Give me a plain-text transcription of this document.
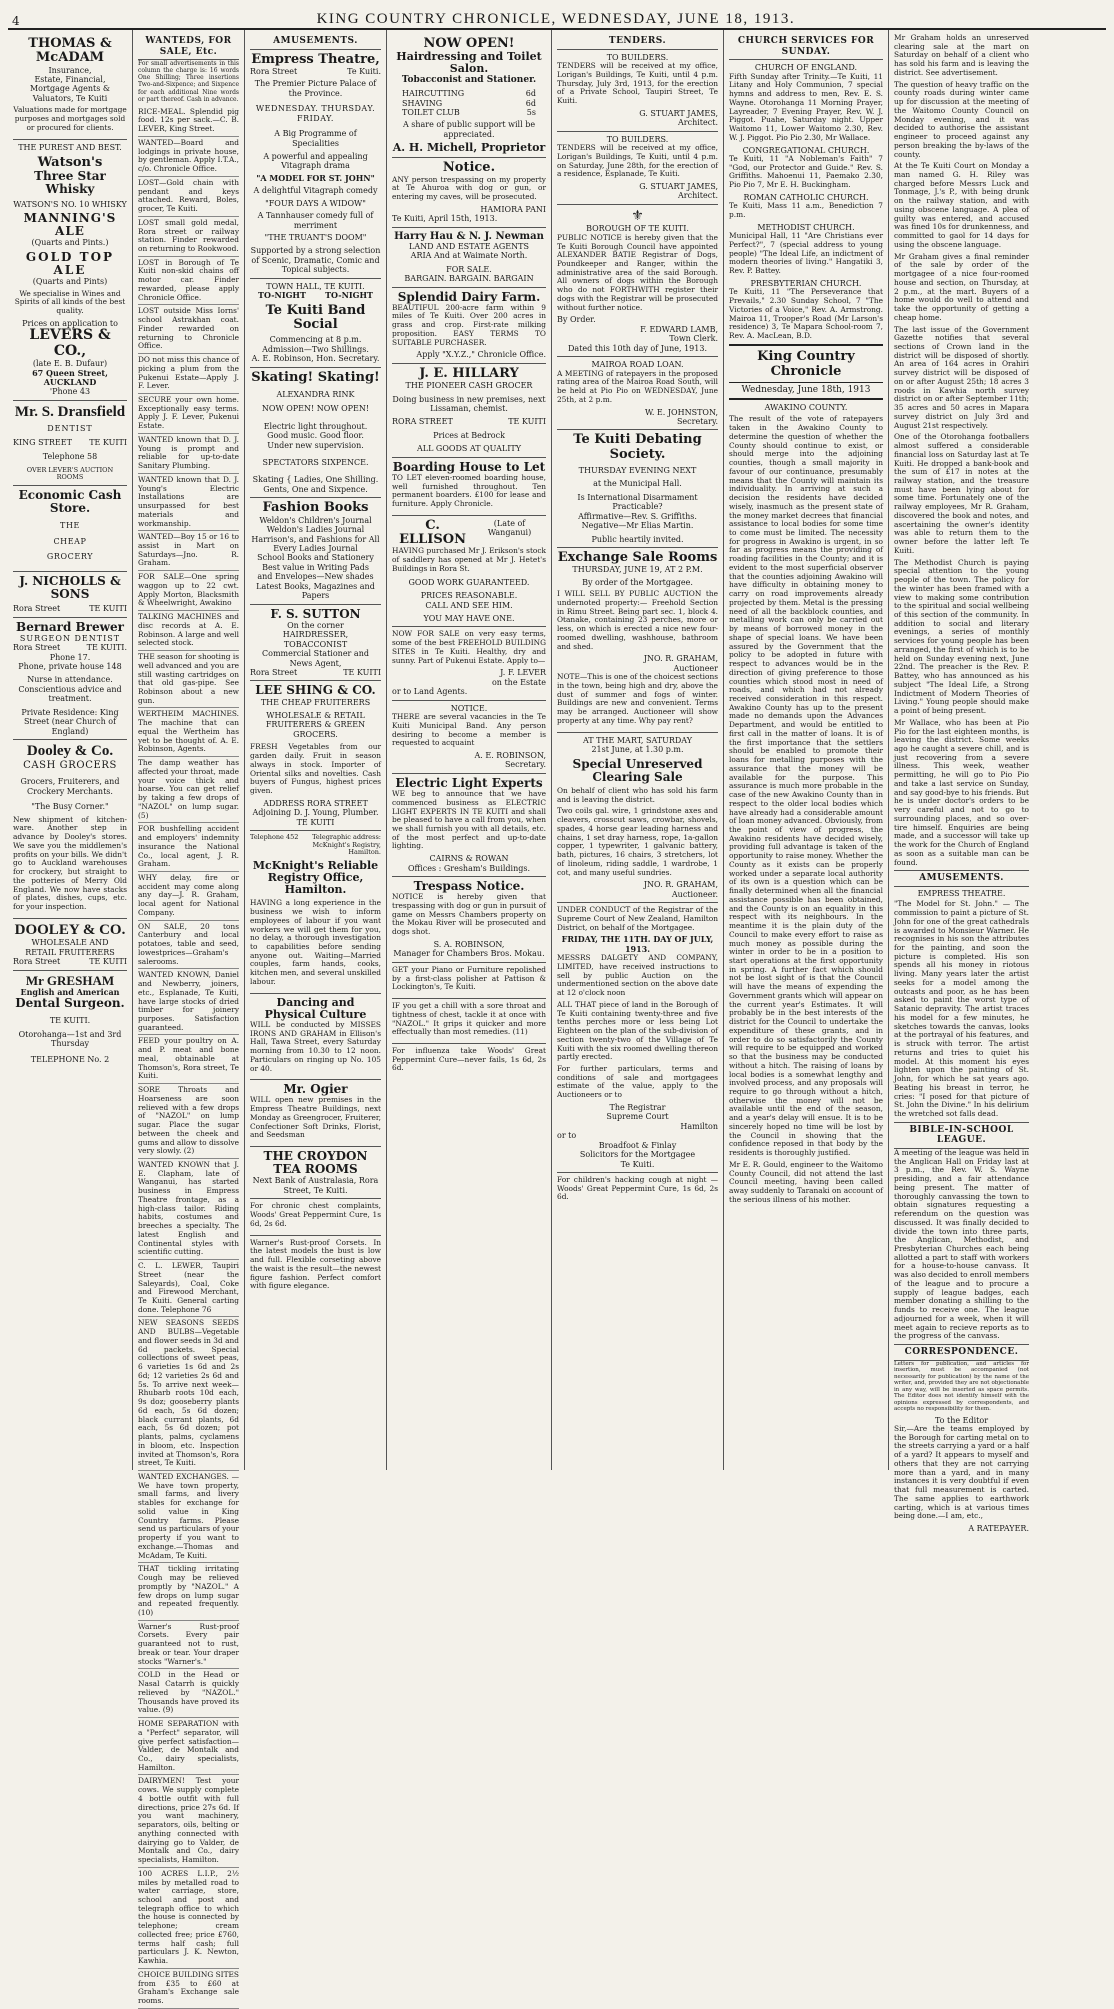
4	KING COUNTRY CHRONICLE, WEDNESDAY, JUNE 18, 1913.
THOMAS & McADAM
Insurance,
Estate, Financial,
Mortgage Agents &
Valuators, Te Kuiti

Valuations made for mortgage purposes and mortgages sold or procured for clients.

THE PUREST AND BEST.
Watson's
Three Star Whisky
WATSON'S NO. 10 WHISKY
MANNING'S ALE
(Quarts and Pints.)
GOLD TOP ALE
(Quarts and Pints)

We specialise in Wines and Spirits of all kinds of the best quality.

Prices on application to
LEVERS & CO.,
(late E. B. Dufaur)
67 Queen Street, AUCKLAND
'Phone 43
Mr. S. Dransfield
DENTIST
KING STREET TE KUITI
Telephone 58
OVER LEVER'S AUCTION ROOMS
Economic Cash Store.
THE
CHEAP
GROCERY
J. NICHOLLS & SONS
Rora Street	TE KUITI
Bernard Brewer
SURGEON DENTIST
Rora Street	TE KUITI.
Phone 17.
Phone, private house 148
Nurse in attendance.
Conscientious advice and treatment.
Private Residence: King Street (near Church of England)
Dooley & Co.
CASH GROCERS
Grocers, Fruiterers, and Crockery Merchants.
"The Busy Corner."

New shipment of kitchen-ware. Another step in advance by Dooley's stores. We save you the middlemen's profits on your bills. We didn't go to Auckland warehouses for crockery, but straight to the potteries of Merry Old England. We now have stacks of plates, dishes, cups, etc. for your inspection.

DOOLEY & CO.
WHOLESALE AND
RETAIL FRUITERERS
Rora Street	TE KUITI
Mr GRESHAM
English and American
Dental Surgeon.
TE KUITI.
Otorohanga—1st and 3rd Thursday
TELEPHONE No. 2
WANTEDS, FOR SALE, Etc.

For small advertisements in this column the charge is: 16 words One Shilling; Three insertions Two-and-Sixpence; and Sixpence for each additional Nine words or part thereof. Cash in advance.

RICE-MEAL. Splendid pig food. 12s per sack.—C. B. LEVER, King Street.
WANTED—Board and lodgings in private house, by gentleman. Apply I.T.A., c/o. Chronicle Office.
LOST—Gold chain with pendant and keys attached. Reward, Boles, grocer, Te Kuiti.
LOST small gold medal, Rora street or railway station. Finder rewarded on returning to Rookwood.
LOST in Borough of Te Kuiti non-skid chains off motor car. Finder rewarded, please apply Chronicle Office.
LOST outside Miss Iorns' school Astrakhan coat. Finder rewarded on returning to Chronicle Office.
DO not miss this chance of picking a plum from the Pukenui Estate—Apply J. F. Lever.
SECURE your own home. Exceptionally easy terms. Apply J. F. Lever, Pukenui Estate.
WANTED known that D. J. Young is prompt and reliable for up-to-date Sanitary Plumbing.
WANTED known that D. J. Young's Electric Installations are unsurpassed for best materials and workmanship.
WANTED—Boy 15 or 16 to assist in Mart on Saturdays—Jno. R. Graham.
FOR SALE—One spring waggon up to 22 cwt. Apply Morton, Blacksmith & Wheelwright, Awakino
TALKING MACHINES and disc records at A. E. Robinson. A large and well selected stock.
THE season for shooting is well advanced and you are still wasting cartridges on that old gas-pipe. See Robinson about a new gun.
WERTHEIM MACHINES. The machine that can equal the Wertheim has yet to be thought of. A. E. Robinson, Agents.
The damp weather has affected your throat, made your voice thick and hoarse. You can get relief by taking a few drops of "NAZOL" on lump sugar. (5)
FOR bushfelling accident and employers' indemnity insurance the National Co., local agent, J. R. Graham.
WHY delay, fire or accident may come along any day—J. R. Graham, local agent for National Company.
ON SALE, 20 tons Canterbury and local potatoes, table and seed, lowestprices—Graham's salerooms.
WANTED KNOWN, Daniel and Newberry, joiners, etc., Esplanade, Te Kuiti, have large stocks of dried timber for joinery purposes. Satisfaction guaranteed.
FEED your poultry on A. and P. meat and bone meal, obtainable at Thomson's, Rora street, Te Kuiti.
SORE Throats and Hoarseness are soon relieved with a few drops of "NAZOL" on lump sugar. Place the sugar between the cheek and gums and allow to dissolve very slowly. (2)
WANTED KNOWN that J. E. Clapham, late of Wanganui, has started business in Empress Theatre frontage, as a high-class tailor. Riding habits, costumes and breeches a specialty. The latest English and Continental styles with scientific cutting.
C. L. LEWER, Taupiri Street (near the Saleyards), Coal, Coke and Firewood Merchant, Te Kuiti. General carting done. Telephone 76
NEW SEASONS SEEDS AND BULBS—Vegetable and flower seeds in 3d and 6d packets. Special collections of sweet peas, 6 varieties 1s 6d and 2s 6d; 12 varieties 2s 6d and 5s. To arrive next week—Rhubarb roots 10d each, 9s doz; gooseberry plants 6d each, 5s 6d dozen; black currant plants, 6d each, 5s 6d dozen; pot plants, palms, cyclamens in bloom, etc. Inspection invited at Thomson's, Rora street, Te Kuiti.
WANTED EXCHANGES. — We have town property, small farms, and livery stables for exchange for solid value in King Country farms. Please send us particulars of your property if you want to exchange.—Thomas and McAdam, Te Kuiti.
THAT tickling irritating Cough may be relieved promptly by "NAZOL." A few drops on lump sugar and repeated frequently. (10)
Warner's Rust-proof Corsets. Every pair guaranteed not to rust, break or tear. Your draper stocks "Warner's."
COLD in the Head or Nasal Catarrh is quickly relieved by "NAZOL." Thousands have proved its value. (9)
HOME SEPARATION with a "Perfect" separator, will give perfect satisfaction—Valder, de Montalk and Co., dairy specialists, Hamilton.
DAIRYMEN! Test your cows. We supply complete 4 bottle outfit with full directions, price 27s 6d. If you want machinery, separators, oils, belting or anything connected with dairying go to Valder, de Montalk and Co., dairy specialists, Hamilton.
100 ACRES L.I.P., 2½ miles by metalled road to water carriage, store, school and post and telegraph office to which the house is connected by telephone; cream collected free; price £760, terms half cash; full particulars J. K. Newton, Kawhia.
CHOICE BUILDING SITES from £35 to £60 at Graham's Exchange sale rooms.
AMUSEMENTS.
Empress Theatre,
Rora Street	Te Kuiti.
The Premier Picture Palace of the Province.
WEDNESDAY. THURSDAY. FRIDAY.
A Big Programme of Specialities
A powerful and appealing Vitagraph drama
"A MODEL FOR ST. JOHN"
A delightful Vitagraph comedy
"FOUR DAYS A WIDOW"
A Tannhauser comedy full of merriment
"THE TRUANT'S DOOM"
Supported by a strong selection of Scenic, Dramatic, Comic and Topical subjects.
TOWN HALL, TE KUITI.
TO-NIGHT TO-NIGHT
Te Kuiti Band Social
Commencing at 8 p.m.
Admission—Two Shillings.
A. E. Robinson, Hon. Secretary.
Skating! Skating!
ALEXANDRA RINK
NOW OPEN! NOW OPEN!
Electric light throughout.
Good music. Good floor.
Under new supervision.
SPECTATORS SIXPENCE.
Skating { Ladies, One Shilling. Gents, One and Sixpence.
Fashion Books
Weldon's Children's Journal
Weldon's Ladies Journal
Harrison's, and Fashions for All
Every Ladies Journal
School Books and Stationery
Best value in Writing Pads
and Envelopes—New shades
Latest Books, Magazines and Papers
F. S. SUTTON
On the corner
HAIRDRESSER, TOBACCONIST
Commercial Stationer and News Agent,
Rora Street	TE KUITI
LEE SHING & CO.
THE CHEAP FRUITERERS
WHOLESALE & RETAIL FRUITERERS & GREEN GROCERS.

FRESH Vegetables from our garden daily. Fruit in season always in stock. Importer of Oriental silks and novelties. Cash buyers of Fungus, highest prices given.

ADDRESS RORA STREET
Adjoining D. J. Young, Plumber. TE KUITI
Telephone 452	Telegraphic address: McKnight's Registry, Hamilton.
McKnight's Reliable Registry Office, Hamilton.

HAVING a long experience in the business we wish to inform employees of labour if you want workers we will get them for you, no delay, a thorough investigation to capabilities before sending anyone out. Waiting—Married couples, farm hands, cooks, kitchen men, and several unskilled labour.

Dancing and Physical Culture

WILL be conducted by MISSES IRONS AND GRAHAM in Ellison's Hall, Tawa Street, every Saturday morning from 10.30 to 12 noon. Particulars on ringing up No. 105 or 40.

Mr. Ogier

WILL open new premises in the Empress Theatre Buildings, next Monday as Greengrocer, Fruiterer, Confectioner Soft Drinks, Florist, and Seedsman

THE CROYDON TEA ROOMS
Next Bank of Australasia, Rora Street, Te Kuiti.

For chronic chest complaints, Woods' Great Peppermint Cure, 1s 6d, 2s 6d.

Warner's Rust-proof Corsets. In the latest models the bust is low and full. Flexible corseting above the waist is the result—the newest figure fashion. Perfect comfort with figure elegance.

NOW OPEN!
Hairdressing and Toilet Salon.
Tobacconist and Stationer.
HAIRCUTTING	6d
SHAVING	6d
TOILET CLUB	5s
A share of public support will be appreciated.
A. H. Michell, Proprietor
Notice.

ANY person trespassing on my property at Te Ahuroa with dog or gun, or entering my caves, will be prosecuted.

HAMIORA PANI
Te Kuiti, April 15th, 1913.
Harry Hau & N. J. Newman
LAND AND ESTATE AGENTS
ARIA And at Waimate North.
FOR SALE.
BARGAIN. BARGAIN. BARGAIN
Splendid Dairy Farm.

BEAUTIFUL 200-acre farm within 9 miles of Te Kuiti. Over 200 acres in grass and crop. First-rate milking proposition. EASY TERMS TO SUITABLE PURCHASER.

Apply "X.Y.Z.," Chronicle Office.
J. E. HILLARY
THE PIONEER CASH GROCER
Doing business in new premises, next Lissaman, chemist.
RORA STREET	TE KUITI
Prices at Bedrock
ALL GOODS AT QUALITY
Boarding House to Let

TO LET eleven-roomed boarding house, well furnished throughout. Ten permanent boarders. £100 for lease and furniture. Apply Chronicle.

C. ELLISON
(Late of Wanganui)

HAVING purchased Mr J. Erikson's stock of saddlery has opened at Mr J. Hetet's Buildings in Rora St.

GOOD WORK GUARANTEED.
PRICES REASONABLE.
CALL AND SEE HIM.
YOU MAY HAVE ONE.

NOW FOR SALE on very easy terms, some of the best FREEHOLD BUILDING SITES in Te Kuiti. Healthy, dry and sunny. Part of Pukenui Estate. Apply to—

J. F. LEVER
on the Estate
or to Land Agents.
NOTICE.

THERE are several vacancies in the Te Kuiti Municipal Band. Any person desiring to become a member is requested to acquaint

A. E. ROBINSON,
Secretary.
Electric Light Experts

WE beg to announce that we have commenced business as ELECTRIC LIGHT EXPERTS IN TE KUITI and shall be pleased to have a call from you, when we shall furnish you with all details, etc. of the most perfect and up-to-date lighting.

CAIRNS & ROWAN
Offices : Gresham's Buildings.
Trespass Notice.

NOTICE is hereby given that trespassing with dog or gun in pursuit of game on Messrs Chambers property on the Mokau River will be prosecuted and dogs shot.

S. A. ROBINSON,
Manager for Chambers Bros. Mokau.

GET your Piano or Furniture repolished by a first-class polisher at Pattison & Lockington's, Te Kuiti.

IF you get a chill with a sore throat and tightness of chest, tackle it at once with "NAZOL." It grips it quicker and more effectually than most remedies. (11)

For influenza take Woods' Great Peppermint Cure—never fails, 1s 6d, 2s 6d.

TENDERS.
TO BUILDERS.

TENDERS will be received at my office, Lorigan's Buildings, Te Kuiti, until 4 p.m. Thursday, July 3rd, 1913, for the erection of a Private School, Taupiri Street, Te Kuiti.

G. STUART JAMES,
Architect.
TO BUILDERS.

TENDERS will be received at my office, Lorigan's Buildings, Te Kuiti, until 4 p.m. on Saturday, June 28th, for the erection of a residence, Esplanade, Te Kuiti.

G. STUART JAMES,
Architect.
⚜
BOROUGH OF TE KUITI.

PUBLIC NOTICE is hereby given that the Te Kuiti Borough Council have appointed ALEXANDER BATIE Registrar of Dogs, Poundkeeper and Ranger, within the administrative area of the said Borough. All owners of dogs within the Borough who do not FORTHWITH register their dogs with the Registrar will be prosecuted without further notice.

By Order.
F. EDWARD LAMB,
Town Clerk.
Dated this 10th day of June, 1913.
MAIROA ROAD LOAN.

A MEETING of ratepayers in the proposed rating area of the Mairoa Road South, will be held at Pio Pio on WEDNESDAY, June 25th, at 2 p.m.

W. E. JOHNSTON,
Secretary.
Te Kuiti Debating Society.
THURSDAY EVENING NEXT
at the Municipal Hall.
Is International Disarmament Practicable?
Affirmative—Rev. S. Griffiths.
Negative—Mr Elias Martin.
Public heartily invited.
Exchange Sale Rooms
THURSDAY, JUNE 19, AT 2 P.M.
By order of the Mortgagee.

I WILL SELL BY PUBLIC AUCTION the undernoted property:— Freehold Section in Rimu Street. Being part sec. 1, block 4. Otanake, containing 23 perches, more or less, on which is erected a nice new four-roomed dwelling, washhouse, bathroom and shed.

JNO. R. GRAHAM,
Auctioneer

NOTE—This is one of the choicest sections in the town, being high and dry, above the dust of summer and fogs of winter. Buildings are new and convenient. Terms may be arranged. Auctioneer will show property at any time. Why pay rent?

AT THE MART, SATURDAY
21st June, at 1.30 p.m.
Special Unreserved Clearing Sale

On behalf of client who has sold his farm and is leaving the district.

Two coils gal. wire, 1 grindstone axes and cleavers, crosscut saws, crowbar, shovels, spades, 4 horse gear leading harness and chains, 1 set dray harness, rope, 1a-gallon copper, 1 typewriter, 1 galvanic battery, bath, pictures, 16 chairs, 3 stretchers, lot of linoleum, riding saddle, 1 wardrobe, 1 cot, and many useful sundries.

JNO. R. GRAHAM,
Auctioneer.

UNDER CONDUCT of the Registrar of the Supreme Court of New Zealand, Hamilton District, on behalf of the Mortgagee.

FRIDAY, THE 11TH. DAY OF JULY, 1913.

MESSRS DALGETY AND COMPANY, LIMITED, have received instructions to sell by public Auction on the undermentioned section on the above date at 12 o'clock noon

ALL THAT piece of land in the Borough of Te Kuiti containing twenty-three and five tenths perches more or less being Lot Eighteen on the plan of the sub-division of section twenty-two of the Village of Te Kuiti with the six roomed dwelling thereon partly erected.

For further particulars, terms and conditions of sale and mortgagees estimate of the value, apply to the Auctioneers or to

The Registrar
Supreme Court
Hamilton
or to
Broadfoot & Finlay
Solicitors for the Mortgagee
Te Kuiti.

For children's hacking cough at night — Woods' Great Peppermint Cure, 1s 6d, 2s 6d.

CHURCH SERVICES FOR SUNDAY.
CHURCH OF ENGLAND.

Fifth Sunday after Trinity.—Te Kuiti, 11 Litany and Holy Communion, 7 special hymns and address to men, Rev. E. S. Wayne. Otorohanga 11 Morning Prayer, Layreader, 7 Evening Prayer, Rev. W. J. Piggot. Puahe, Saturday night. Upper Waitomo 11, Lower Waitomo 2.30, Rev. W. J. Piggot. Pio Pio 2.30, Mr Wallace.

CONGREGATIONAL CHURCH.

Te Kuiti, 11 "A Nobleman's Faith" 7 "God, our Protector and Guide." Rev. S. Griffiths. Mahoenui 11, Paemako 2.30, Pio Pio 7, Mr E. H. Buckingham.

ROMAN CATHOLIC CHURCH.

Te Kuiti, Mass 11 a.m., Benediction 7 p.m.

METHODIST CHURCH.

Municipal Hall, 11 "Are Christians ever Perfect?", 7 (special address to young people) "The Ideal Life, an indictment of modern theories of living." Hangatiki 3, Rev. P. Battey.

PRESBYTERIAN CHURCH.

Te Kuiti, 11 "The Perseverance that Prevails," 2.30 Sunday School, 7 "The Victories of a Voice," Rev. A. Armstrong. Mairoa 11, Trooper's Road (Mr Larson's residence) 3, Te Mapara School-room 7, Rev. A. MacLean, B.D.

King Country Chronicle
Wednesday, June 18th, 1913
AWAKINO COUNTY.

The result of the vote of ratepayers taken in the Awakino County to determine the question of whether the County should continue to exist, or should merge into the adjoining counties, though a small majority in favour of our continuance, presumably means that the County will maintain its individuality. In arriving at such a decision the residents have decided wisely, inasmuch as the present state of the money market decrees that financial assistance to local bodies for some time to come must be limited. The necessity for progress in Awakino is urgent, in so far as progress means the providing of roading facilities in the County; and it is evident to the most superficial observer that the counties adjoining Awakino will have difficulty in obtaining money to carry on road improvements already projected by them. Metal is the pressing need of all the backblock counties, and metalling work can only be carried out by means of borrowed money in the shape of special loans. We have been assured by the Government that the policy to be adopted in future with respect to advances would be in the direction of giving preference to those counties which stood most in need of roads, and which had not already received consideration in this respect. Awakino County has up to the present made no demands upon the Advances Department, and would be entitled to first call in the matter of loans. It is of the first importance that the settlers should be enabled to promote their loans for metalling purposes with the assurance that the money will be available for the purpose. This assurance is much more probable in the case of the new Awakino County than in respect to the older local bodies which have already had a considerable amount of loan money advanced. Obviously, from the point of view of progress, the Awakino residents have decided wisely, providing full advantage is taken of the opportunity to raise money. Whether the County as it exists can be properly worked under a separate local authority of its own is a question which can be finally determined when all the financial assistance possible has been obtained, and the County is on an equality in this respect with its neighbours. In the meantime it is the plain duty of the Council to make every effort to raise as much money as possible during the winter in order to be in a position to start operations at the first opportunity in spring. A further fact which should not be lost sight of is that the Council will have the means of expending the Government grants which will appear on the current year's Estimates. It will probably be in the best interests of the district for the Council to undertake the expenditure of these grants, and in order to do so satisfactorily the County will require to be equipped and worked so that the business may be conducted without a hitch. The raising of loans by local bodies is a somewhat lengthy and involved process, and any proposals will require to go through without a hitch, otherwise the money will not be available until the end of the season, and a year's delay will ensue. It is to be sincerely hoped no time will be lost by the Council in showing that the confidence reposed in that body by the residents is thoroughly justified.

Mr E. R. Gould, engineer to the Waitomo County Council, did not attend the last Council meeting, having been called away suddenly to Taranaki on account of the serious illness of his mother.

Mr Graham holds an unreserved clearing sale at the mart on Saturday on behalf of a client who has sold his farm and is leaving the district. See advertisement.

The question of heavy traffic on the county roads during winter came up for discussion at the meeting of the Waitomo County Council on Monday evening, and it was decided to authorise the assistant engineer to proceed against any person breaking the by-laws of the county.

At the Te Kuiti Court on Monday a man named G. H. Riley was charged before Messrs Luck and Tonmage, J.'s P., with being drunk on the railway station, and with using obscene language. A plea of guilty was entered, and accused was fined 10s for drunkenness, and committed to gaol for 14 days for using the obscene language.

Mr Graham gives a final reminder of the sale by order of the mortgagee of a nice four-roomed house and section, on Thursday, at 2 p.m., at the mart. Buyers of a home would do well to attend and take the opportunity of getting a cheap home.

The last issue of the Government Gazette notifies that several sections of Crown land in the district will be disposed of shortly. An area of 164 acres in Orahiri survey district will be disposed of on or after August 25th; 18 acres 3 roods in Kawhia north survey district on or after September 11th; 35 acres and 50 acres in Mapara survey district on July 3rd and August 21st respectively.

One of the Otorohanga footballers almost suffered a considerable financial loss on Saturday last at Te Kuiti. He dropped a bank-book and the sum of £17 in notes at the railway station, and the treasure must have been lying about for some time. Fortunately one of the railway employees, Mr R. Graham, discovered the book and notes, and ascertaining the owner's identity was able to return them to the owner before the latter left Te Kuiti.

The Methodist Church is paying special attention to the young people of the town. The policy for the winter has been framed with a view to making some contribution to the spiritual and social wellbeing of this section of the community. In addition to social and literary evenings, a series of monthly services for young people has been arranged, the first of which is to be held on Sunday evening next, June 22nd. The preacher is the Rev. P. Battey, who has announced as his subject "The Ideal Life, a Strong Indictment of Modern Theories of Living." Young people should make a point of being present.

Mr Wallace, who has been at Pio Pio for the last eighteen months, is leaving the district. Some weeks ago he caught a severe chill, and is just recovering from a severe illness. This week, weather permitting, he will go to Pio Pio and take a last service on Sunday, and say good-bye to his friends. But he is under doctor's orders to be very careful and not to go to surrounding places, and so over-tire himself. Enquiries are being made, and a successor will take up the work for the Church of England as soon as a suitable man can be found.

AMUSEMENTS.
EMPRESS THEATRE.

"The Model for St. John." — The commission to paint a picture of St. John for one of the great cathedrals is awarded to Monsieur Warner. He recognises in his son the attributes for the painting, and soon the picture is completed. His son spends all his money in riotous living. Many years later the artist seeks for a model among the outcasts and poor, as he has been asked to paint the worst type of Satanic depravity. The artist traces his model for a few minutes, he sketches towards the canvas, looks at the portrayal of his features, and is struck with terror. The artist returns and tries to quiet his model. At this moment his eyes lighten upon the painting of St. John, for which he sat years ago. Beating his breast in terror, he cries: "I posed for that picture of St. John the Divine." In his delirium the wretched sot falls dead.

BIBLE-IN-SCHOOL LEAGUE.

A meeting of the league was held in the Anglican Hall on Friday last at 3 p.m., the Rev. W. S. Wayne presiding, and a fair attendance being present. The matter of thoroughly canvassing the town to obtain signatures requesting a referendum on the question was discussed. It was finally decided to divide the town into three parts, the Anglican, Methodist, and Presbyterian Churches each being allotted a part to staff with workers for a house-to-house canvass. It was also decided to enroll members of the league and to procure a supply of league badges, each member donating a shilling to the funds to receive one. The league adjourned for a week, when it will meet again to recieve reports as to the progress of the canvass.

CORRESPONDENCE.

Letters for publication, and articles for insertion, must be accompanied (not necessarily for publication) by the name of the writer, and, provided they are not objectionable in any way, will be inserted as space permits. The Editor does not identify himself with the opinions expressed by correspondents, and accepts no responsibility for them.

To the Editor

Sir,—Are the teams employed by the Borough for carting metal on to the streets carrying a yard or a half of a yard? It appears to myself and others that they are not carrying more than a yard, and in many instances it is very doubtful if even that full measurement is carted. The same applies to earthwork carting, which is at various times being done.—I am, etc.,

A RATEPAYER.
